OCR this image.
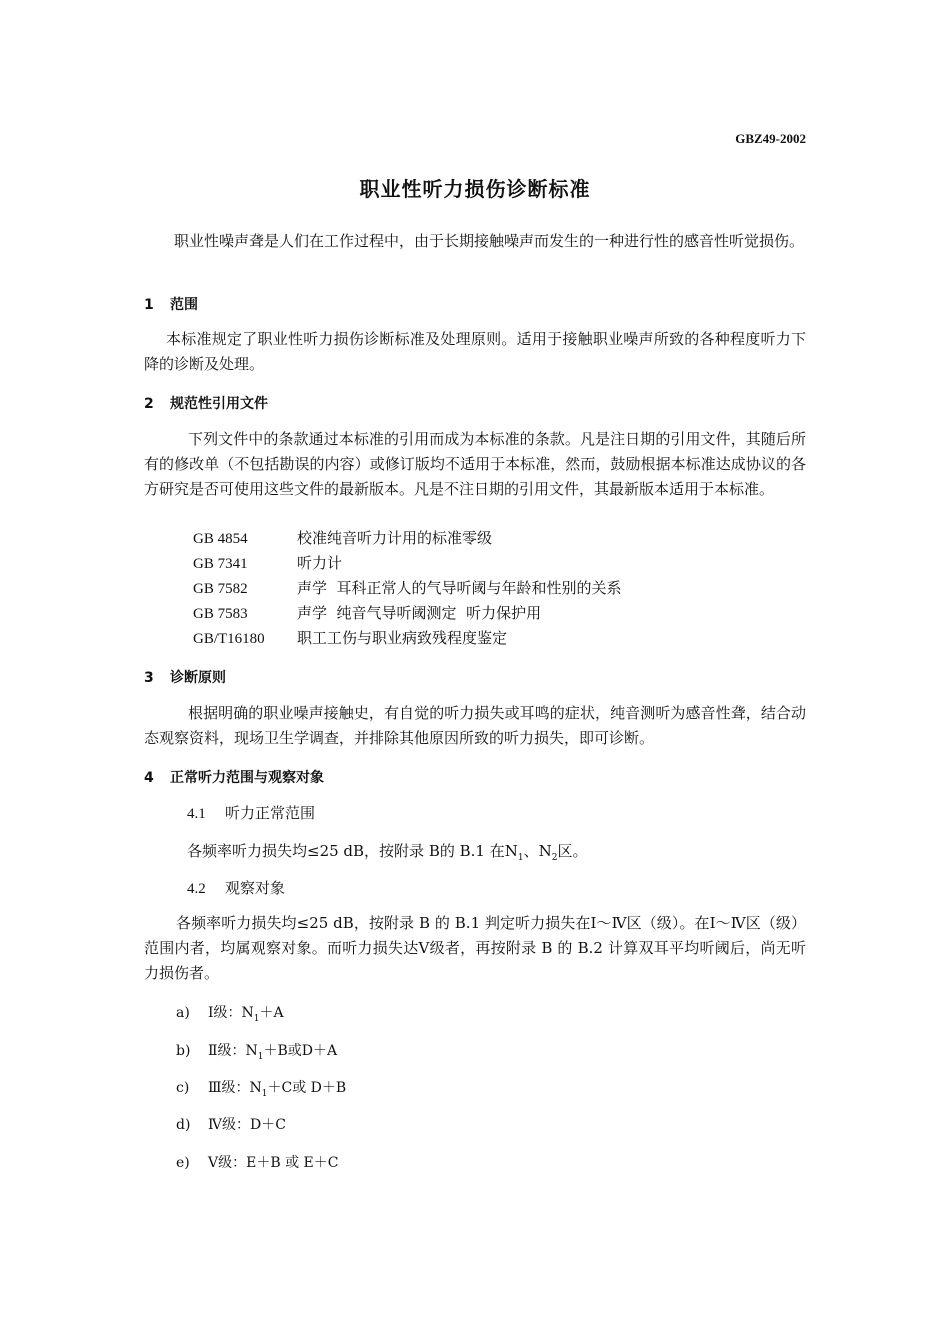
GBZ49-2002
职业性听力损伤诊断标准
职业性噪声聋是人们在工作过程中，由于长期接触噪声而发生的一种进行性的感音性听觉损伤。
1 范围
本标准规定了职业性听力损伤诊断标准及处理原则。适用于接触职业噪声所致的各种程度听力下降的诊断及处理。
2 规范性引用文件
下列文件中的条款通过本标准的引用而成为本标准的条款。凡是注日期的引用文件，其随后所有的修改单（不包括勘误的内容）或修订版均不适用于本标准，然而，鼓励根据本标准达成协议的各方研究是否可使用这些文件的最新版本。凡是不注日期的引用文件，其最新版本适用于本标准。
GB 4854	校准纯音听力计用的标准零级
GB 7341	听力计
GB 7582	声学  耳科正常人的气导听阈与年龄和性别的关系
GB 7583	声学  纯音气导听阈测定  听力保护用
GB/T16180 职工工伤与职业病致残程度鉴定
3 诊断原则
根据明确的职业噪声接触史，有自觉的听力损失或耳鸣的症状，纯音测听为感音性聋，结合动态观察资料，现场卫生学调查，并排除其他原因所致的听力损失，即可诊断。
4 正常听力范围与观察对象
4.1 听力正常范围
各频率听力损失均≤25 dB，按附录 B的 B.1 在$N_1$、$N_2$区。
4.2 观察对象
各频率听力损失均≤25 dB，按附录 B 的 B.1 判定听力损失在Ⅰ～Ⅳ区（级）。在Ⅰ～Ⅳ区（级）范围内者，均属观察对象。而听力损失达Ⅴ级者，再按附录 B 的 B.2 计算双耳平均听阈后，尚无听力损伤者。
a) Ⅰ级：$N_1+A$
b) Ⅱ级：$N_1+B$或D＋A
c) Ⅲ级：$N_1+C$或 D＋B
d) Ⅳ级：D＋C
e) Ⅴ级：E＋B 或 E＋C
